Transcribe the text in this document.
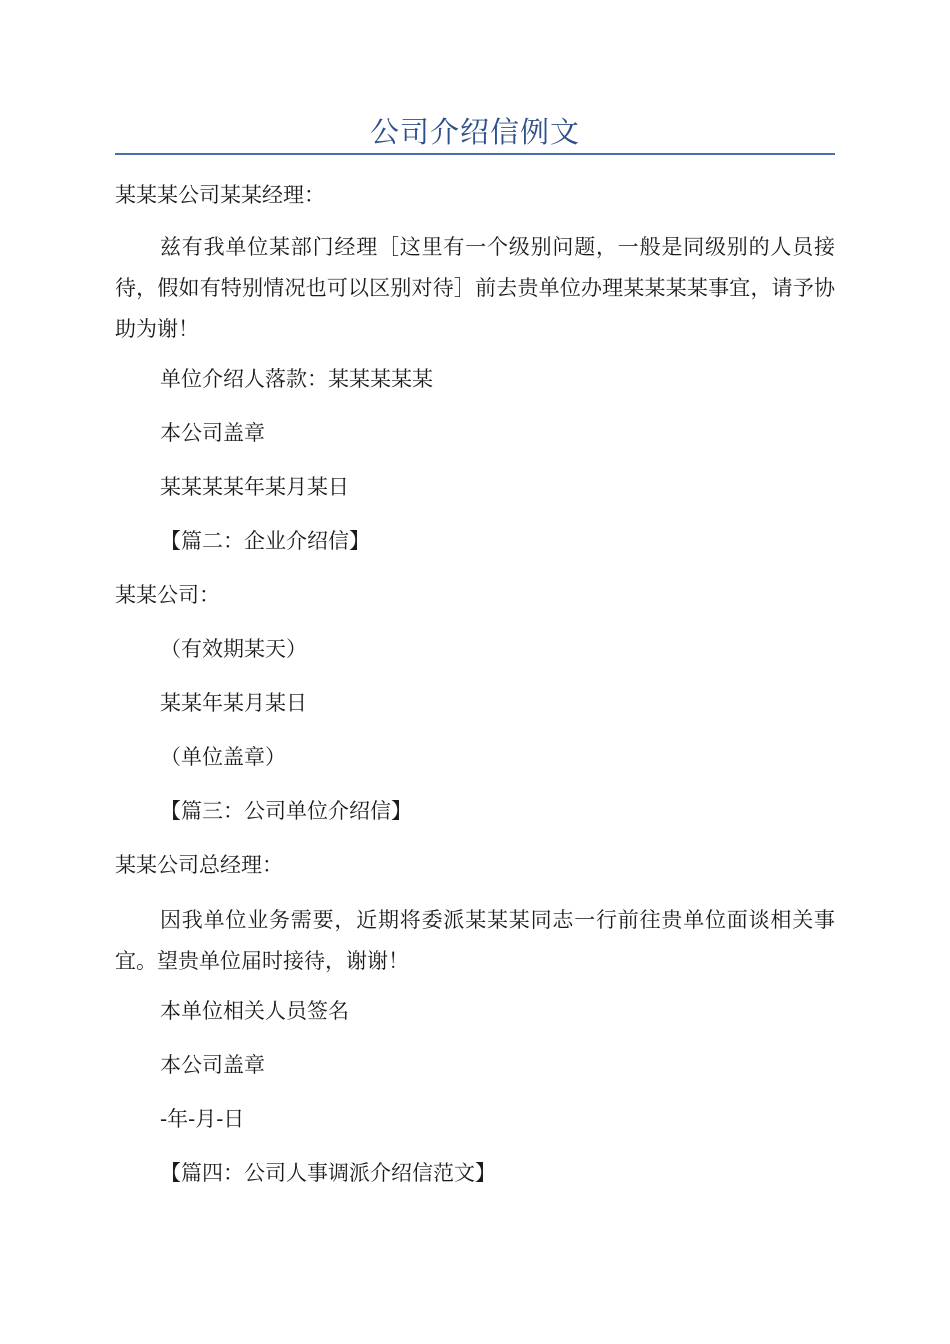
公司介绍信例文
某某某公司某某经理：
兹有我单位某部门经理［这里有一个级别问题，一般是同级别的人员接待，假如有特别情况也可以区别对待］前去贵单位办理某某某某事宜，请予协助为谢！
单位介绍人落款：某某某某某
本公司盖章
某某某某年某月某日
【篇二：企业介绍信】
某某公司：
（有效期某天）
某某年某月某日
（单位盖章）
【篇三：公司单位介绍信】
某某公司总经理：
因我单位业务需要，近期将委派某某某同志一行前往贵单位面谈相关事宜。望贵单位届时接待，谢谢！
本单位相关人员签名
本公司盖章
-年-月-日
【篇四：公司人事调派介绍信范文】
